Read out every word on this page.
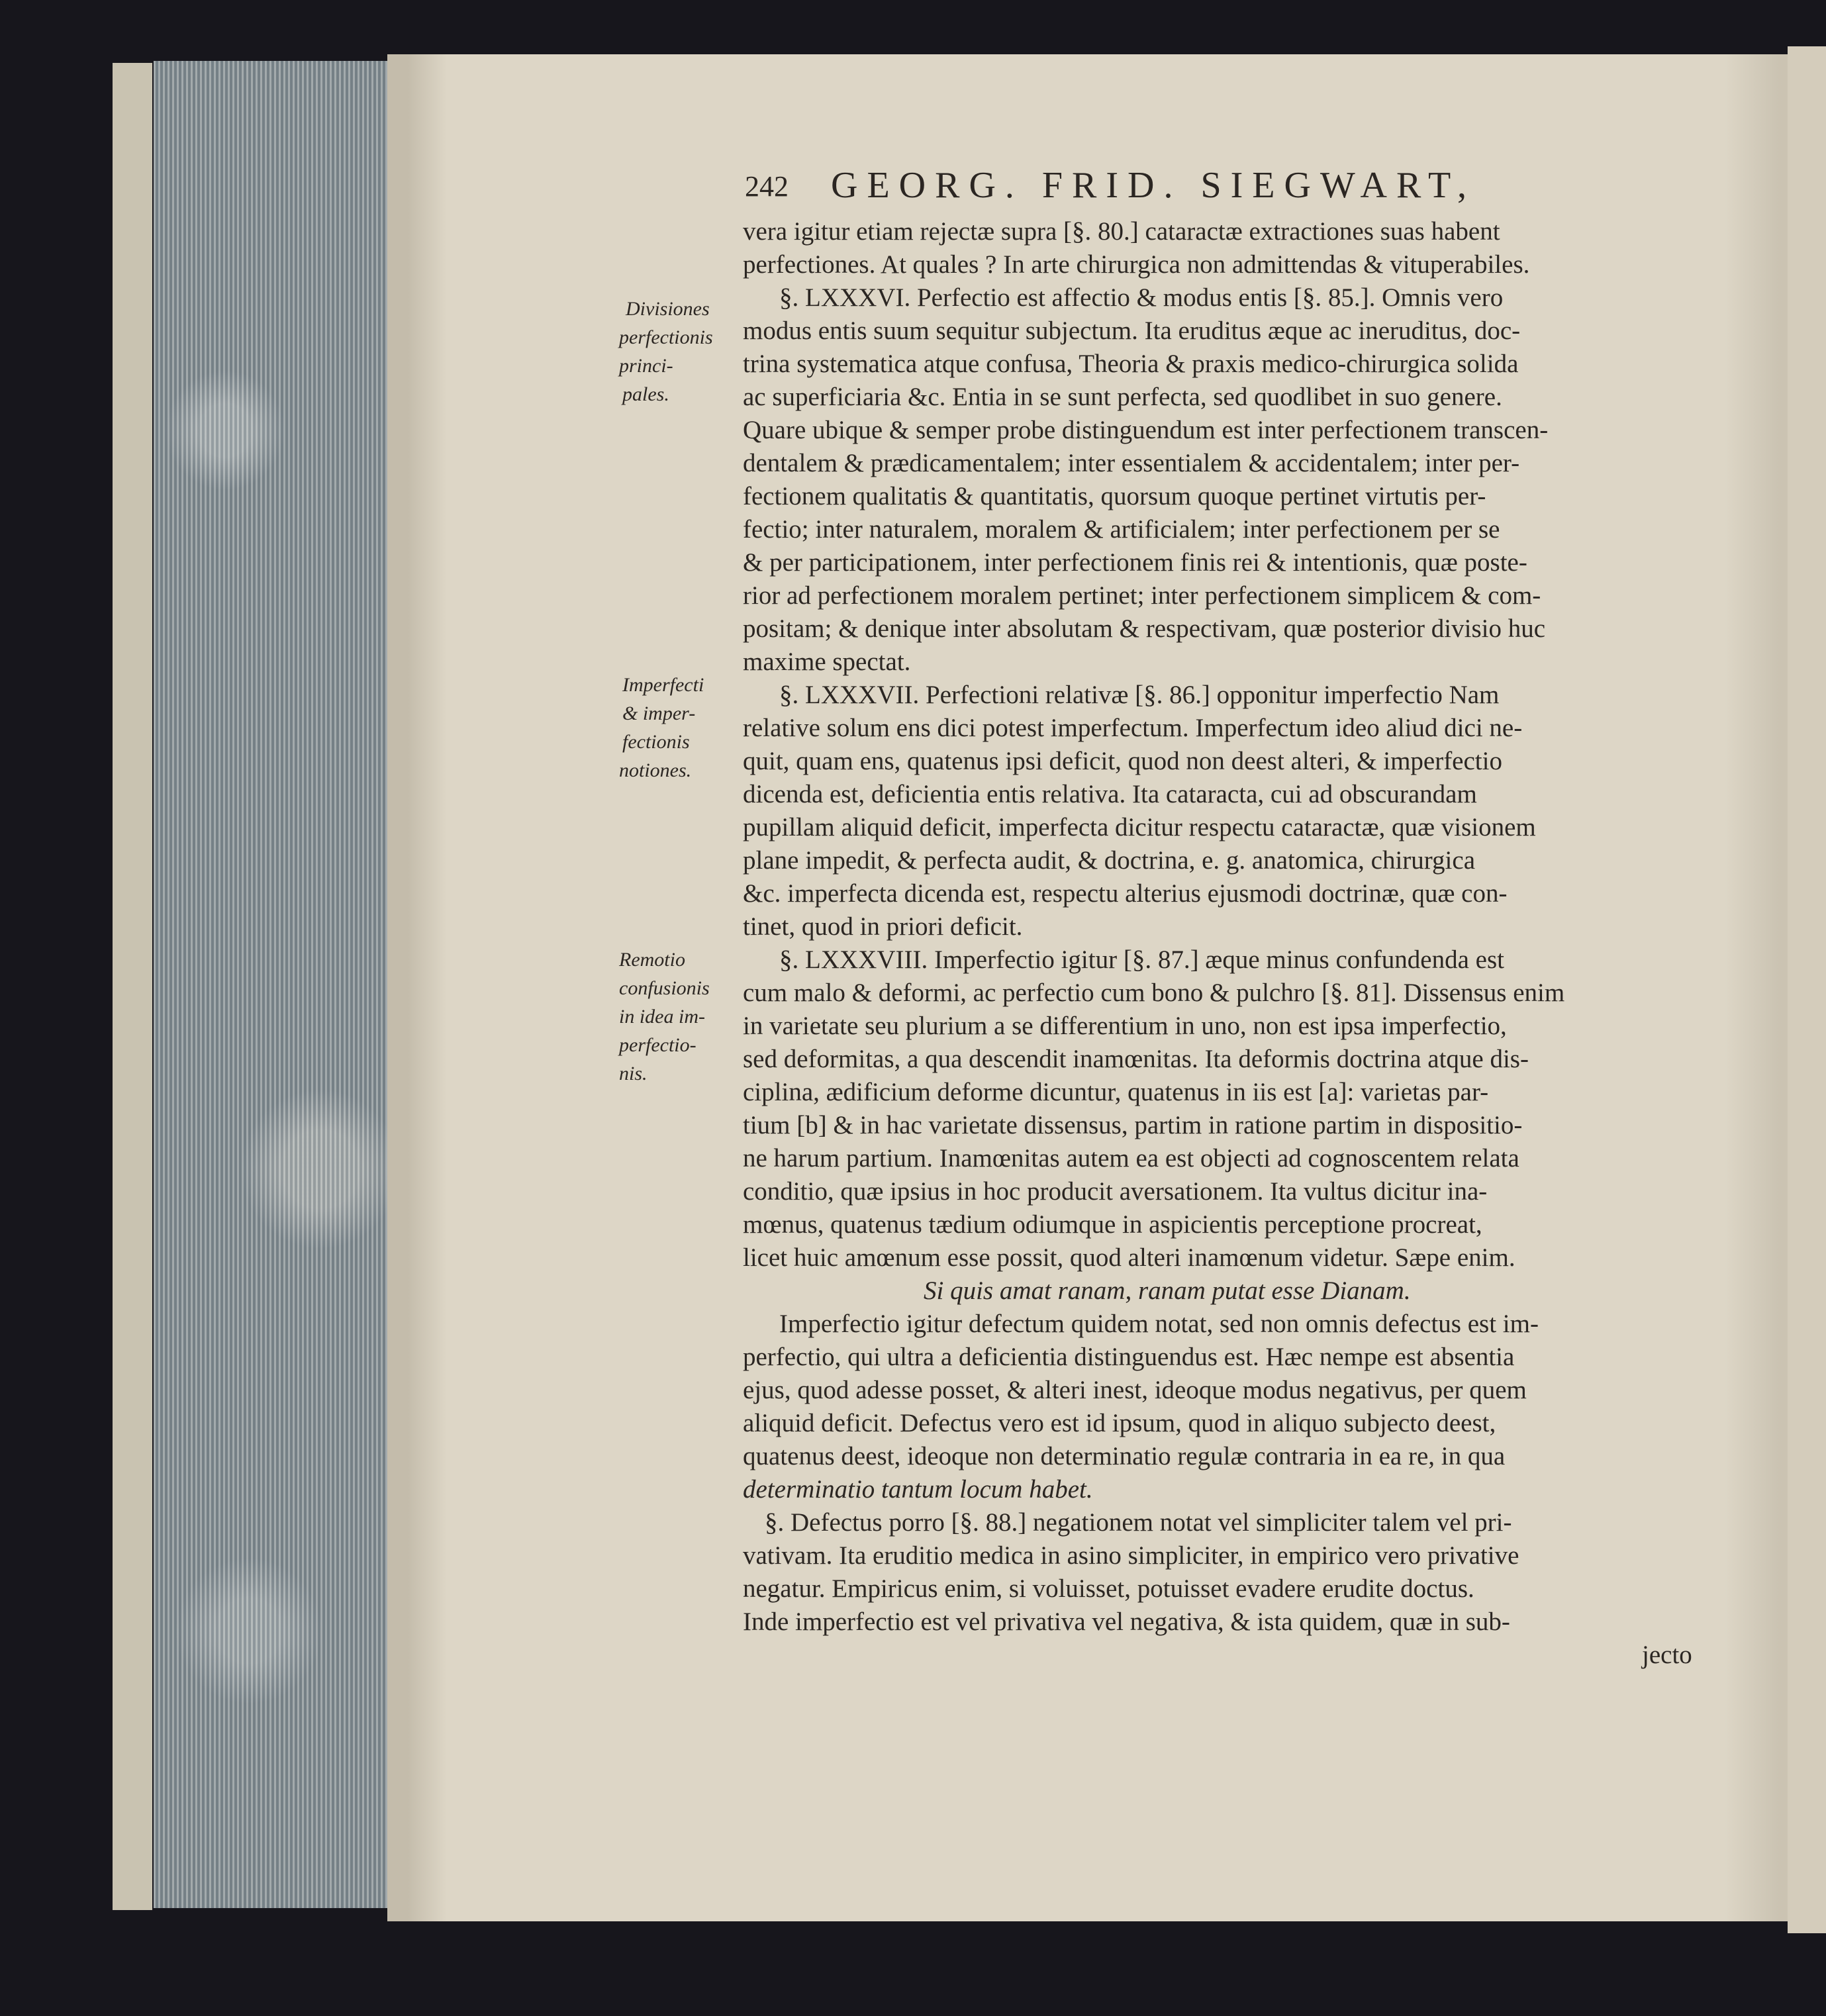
242 GEORG. FRID. SIEGWART,
Divisiones
perfectionis
princi-
pales.
Imperfecti
& imper-
fectionis
notiones.
Remotio
confusionis
in idea im-
perfectio-
nis.
vera igitur etiam rejectæ supra [§. 80.] cataractæ extractiones suas habent
perfectiones. At quales ? In arte chirurgica non admittendas & vituperabiles.
§. LXXXVI. Perfectio est affectio & modus entis [§. 85.]. Omnis vero
modus entis suum sequitur subjectum. Ita eruditus æque ac ineruditus, doc-
trina systematica atque confusa, Theoria & praxis medico-chirurgica solida
ac superficiaria &c. Entia in se sunt perfecta, sed quodlibet in suo genere.
Quare ubique & semper probe distinguendum est inter perfectionem transcen-
dentalem & prædicamentalem; inter essentialem & accidentalem; inter per-
fectionem qualitatis & quantitatis, quorsum quoque pertinet virtutis per-
fectio; inter naturalem, moralem & artificialem; inter perfectionem per se
& per participationem, inter perfectionem finis rei & intentionis, quæ poste-
rior ad perfectionem moralem pertinet; inter perfectionem simplicem & com-
positam; & denique inter absolutam & respectivam, quæ posterior divisio huc
maxime spectat.
§. LXXXVII. Perfectioni relativæ [§. 86.] opponitur imperfectio Nam
relative solum ens dici potest imperfectum. Imperfectum ideo aliud dici ne-
quit, quam ens, quatenus ipsi deficit, quod non deest alteri, & imperfectio
dicenda est, deficientia entis relativa. Ita cataracta, cui ad obscurandam
pupillam aliquid deficit, imperfecta dicitur respectu cataractæ, quæ visionem
plane impedit, & perfecta audit, & doctrina, e. g. anatomica, chirurgica
&c. imperfecta dicenda est, respectu alterius ejusmodi doctrinæ, quæ con-
tinet, quod in priori deficit.
§. LXXXVIII. Imperfectio igitur [§. 87.] æque minus confundenda est
cum malo & deformi, ac perfectio cum bono & pulchro [§. 81]. Dissensus enim
in varietate seu plurium a se differentium in uno, non est ipsa imperfectio,
sed deformitas, a qua descendit inamœnitas. Ita deformis doctrina atque dis-
ciplina, ædificium deforme dicuntur, quatenus in iis est [a]: varietas par-
tium [b] & in hac varietate dissensus, partim in ratione partim in dispositio-
ne harum partium. Inamœnitas autem ea est objecti ad cognoscentem relata
conditio, quæ ipsius in hoc producit aversationem. Ita vultus dicitur ina-
mœnus, quatenus tædium odiumque in aspicientis perceptione procreat,
licet huic amœnum esse possit, quod alteri inamœnum videtur. Sæpe enim.
Si quis amat ranam, ranam putat esse Dianam.
Imperfectio igitur defectum quidem notat, sed non omnis defectus est im-
perfectio, qui ultra a deficientia distinguendus est. Hæc nempe est absentia
ejus, quod adesse posset, & alteri inest, ideoque modus negativus, per quem
aliquid deficit. Defectus vero est id ipsum, quod in aliquo subjecto deest,
quatenus deest, ideoque non determinatio regulæ contraria in ea re, in qua
determinatio tantum locum habet.
§. Defectus porro [§. 88.] negationem notat vel simpliciter talem vel pri-
vativam. Ita eruditio medica in asino simpliciter, in empirico vero privative
negatur. Empiricus enim, si voluisset, potuisset evadere erudite doctus.
Inde imperfectio est vel privativa vel negativa, & ista quidem, quæ in sub-
jecto
